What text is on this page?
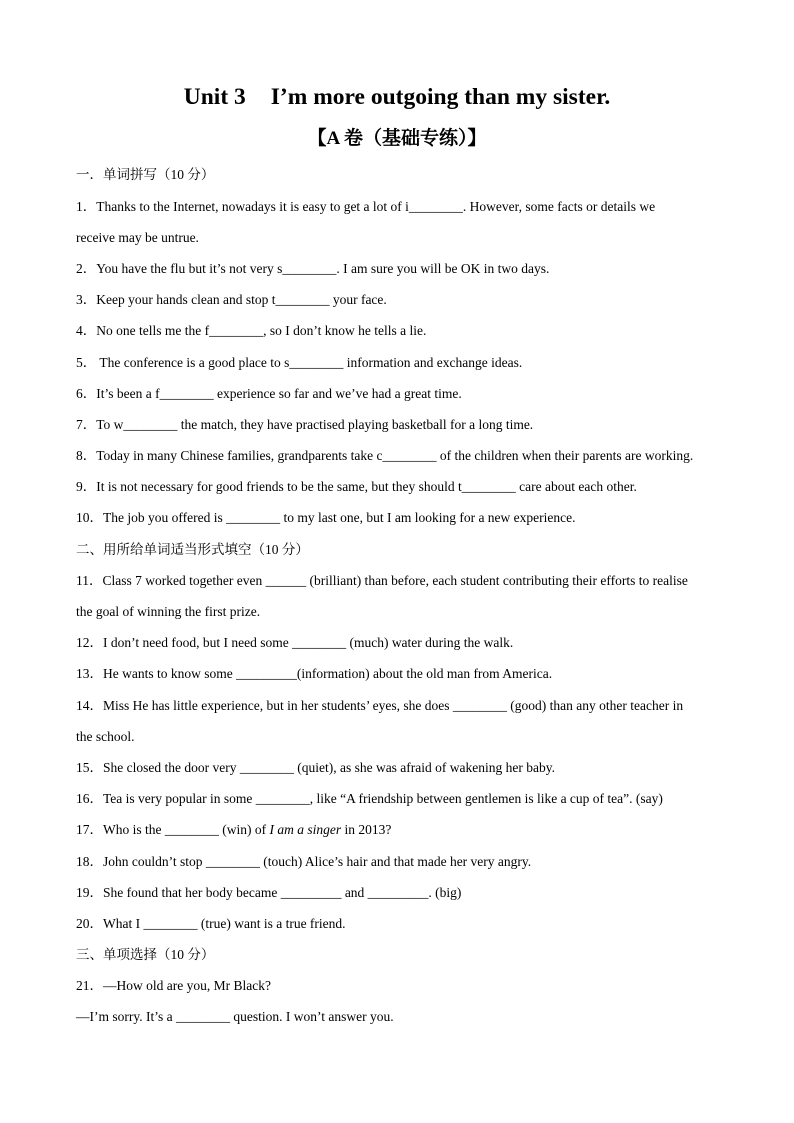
Unit 3 I’m more outgoing than my sister.
【A 卷（基础专练）】
一．单词拼写（10 分）
1．Thanks to the Internet, nowadays it is easy to get a lot of i________. However, some facts or details we
receive may be untrue.
2．You have the flu but it’s not very s________. I am sure you will be OK in two days.
3．Keep your hands clean and stop t________ your face.
4．No one tells me the f________, so I don’t know he tells a lie.
5． The conference is a good place to s________ information and exchange ideas.
6．It’s been a f________ experience so far and we’ve had a great time.
7．To w________ the match, they have practised playing basketball for a long time.
8．Today in many Chinese families, grandparents take c________ of the children when their parents are working.
9．It is not necessary for good friends to be the same, but they should t________ care about each other.
10．The job you offered is ________ to my last one, but I am looking for a new experience.
二、用所给单词适当形式填空（10 分）
11．Class 7 worked together even ______ (brilliant) than before, each student contributing their efforts to realise
the goal of winning the first prize.
12．I don’t need food, but I need some ________ (much) water during the walk.
13．He wants to know some _________(information) about the old man from America.
14．Miss He has little experience, but in her students’ eyes, she does ________ (good) than any other teacher in
the school.
15．She closed the door very ________ (quiet), as she was afraid of wakening her baby.
16．Tea is very popular in some ________, like “A friendship between gentlemen is like a cup of tea”. (say)
17．Who is the ________ (win) of I am a singer in 2013?
18．John couldn’t stop ________ (touch) Alice’s hair and that made her very angry.
19．She found that her body became _________ and _________. (big)
20．What I ________ (true) want is a true friend.
三、单项选择（10 分）
21．—How old are you, Mr Black?
—I’m sorry. It’s a ________ question. I won’t answer you.
